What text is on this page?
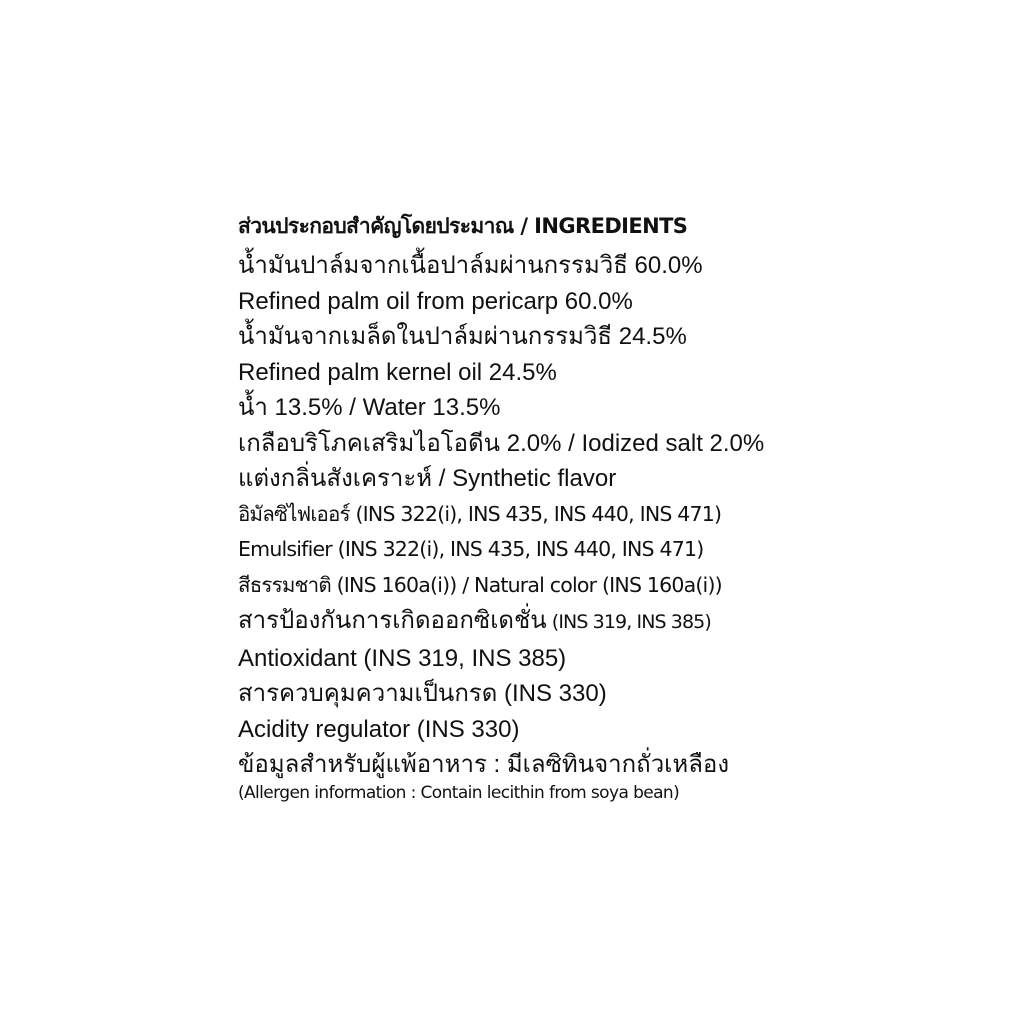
ส่วนประกอบสำคัญโดยประมาณ / INGREDIENTS
น้ำมันปาล์มจากเนื้อปาล์มผ่านกรรมวิธี 60.0%
Refined palm oil from pericarp 60.0%
น้ำมันจากเมล็ดในปาล์มผ่านกรรมวิธี 24.5%
Refined palm kernel oil 24.5%
น้ำ 13.5% / Water 13.5%
เกลือบริโภคเสริมไอโอดีน 2.0% / Iodized salt 2.0%
แต่งกลิ่นสังเคราะห์ / Synthetic flavor
อิมัลซิไฟเออร์ (INS 322(i), INS 435, INS 440, INS 471)
Emulsifier (INS 322(i), INS 435, INS 440, INS 471)
สีธรรมชาติ (INS 160a(i)) / Natural color (INS 160a(i))
สารป้องกันการเกิดออกซิเดชั่น (INS 319, INS 385)
Antioxidant (INS 319, INS 385)
สารควบคุมความเป็นกรด (INS 330)
Acidity regulator (INS 330)
ข้อมูลสำหรับผู้แพ้อาหาร : มีเลซิทินจากถั่วเหลือง
(Allergen information : Contain lecithin from soya bean)
